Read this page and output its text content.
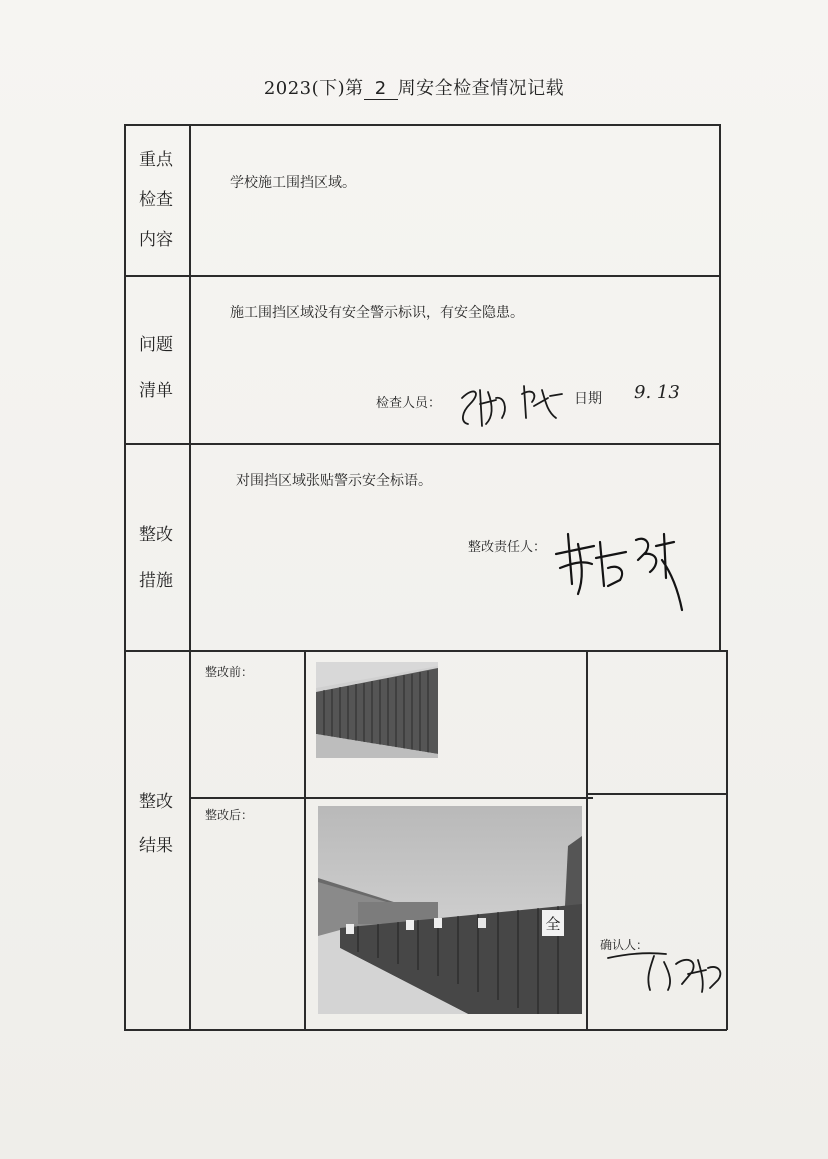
2023(下)第 2 周安全检查情况记载
重点
检查
内容
问题
清单
整改
措施
整改
结果
学校施工围挡区域。
施工围挡区域没有安全警示标识，有安全隐患。
检查人员：	日期 9. 13
对围挡区域张贴警示安全标语。
整改责任人：
整改前：
整改后：
全
确认人：
